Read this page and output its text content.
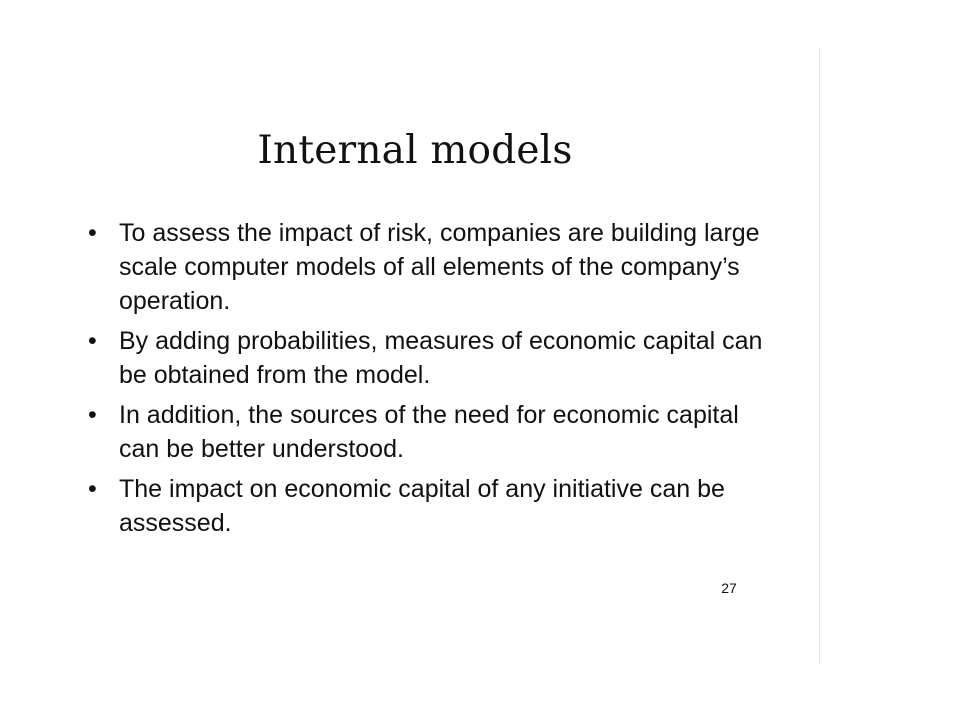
Internal models
• To assess the impact of risk, companies are building large scale computer models of all elements of the company’s operation.
• By adding probabilities, measures of economic capital can be obtained from the model.
• In addition, the sources of the need for economic capital can be better understood.
• The impact on economic capital of any initiative can be assessed.
27
